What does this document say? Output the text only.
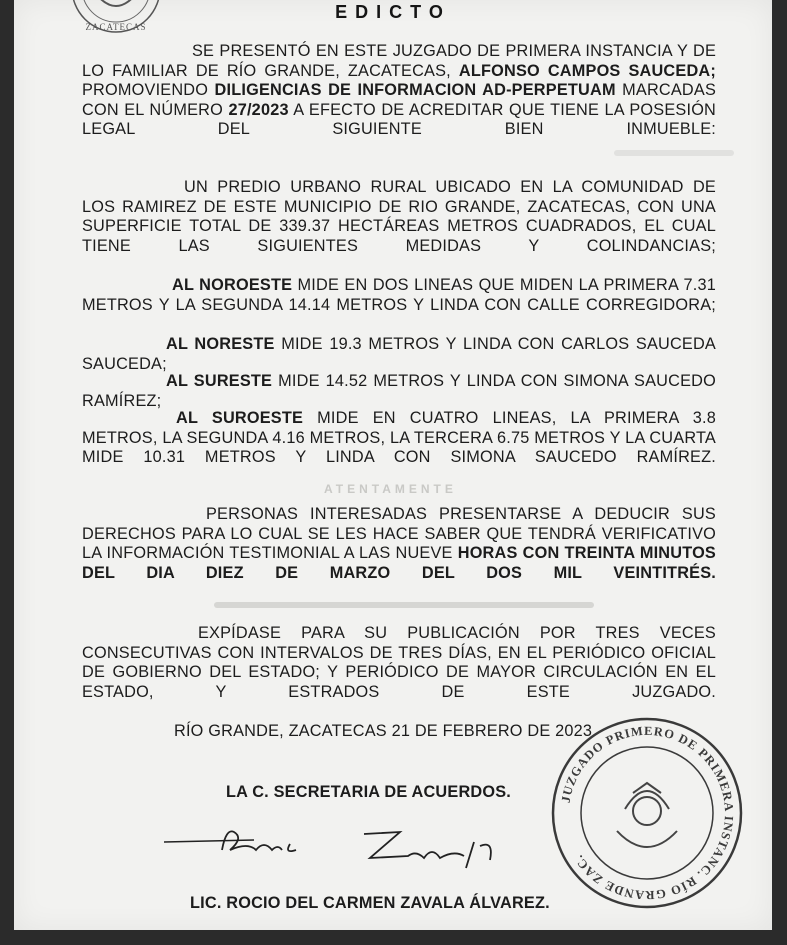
ZACATECAS
EDICTO
ATENTAMENTE
SE PRESENTÓ EN ESTE JUZGADO DE PRIMERA INSTANCIA Y DE LO FAMILIAR DE RÍO GRANDE, ZACATECAS, ALFONSO CAMPOS SAUCEDA; PROMOVIENDO DILIGENCIAS DE INFORMACION AD-PERPETUAM MARCADAS CON EL NÚMERO 27/2023 A EFECTO DE ACREDITAR QUE TIENE LA POSESIÓN LEGAL DEL SIGUIENTE BIEN INMUEBLE:
UN PREDIO URBANO RURAL UBICADO EN LA COMUNIDAD DE LOS RAMIREZ DE ESTE MUNICIPIO DE RIO GRANDE, ZACATECAS, CON UNA SUPERFICIE TOTAL DE 339.37 HECTÁREAS METROS CUADRADOS, EL CUAL TIENE LAS SIGUIENTES MEDIDAS Y COLINDANCIAS;
AL NOROESTE MIDE EN DOS LINEAS QUE MIDEN LA PRIMERA 7.31 METROS Y LA SEGUNDA 14.14 METROS Y LINDA CON CALLE CORREGIDORA;
AL NORESTE MIDE 19.3 METROS Y LINDA CON CARLOS SAUCEDA SAUCEDA;
AL SURESTE MIDE 14.52 METROS Y LINDA CON SIMONA SAUCEDO RAMÍREZ;
AL SUROESTE MIDE EN CUATRO LINEAS, LA PRIMERA 3.8 METROS, LA SEGUNDA 4.16 METROS, LA TERCERA 6.75 METROS Y LA CUARTA MIDE 10.31 METROS Y LINDA CON SIMONA SAUCEDO RAMÍREZ.
PERSONAS INTERESADAS PRESENTARSE A DEDUCIR SUS DERECHOS PARA LO CUAL SE LES HACE SABER QUE TENDRÁ VERIFICATIVO LA INFORMACIÓN TESTIMONIAL A LAS NUEVE HORAS CON TREINTA MINUTOS DEL DIA DIEZ DE MARZO DEL DOS MIL VEINTITRÉS.
EXPÍDASE PARA SU PUBLICACIÓN POR TRES VECES CONSECUTIVAS CON INTERVALOS DE TRES DÍAS, EN EL PERIÓDICO OFICIAL DE GOBIERNO DEL ESTADO; Y PERIÓDICO DE MAYOR CIRCULACIÓN EN EL ESTADO, Y ESTRADOS DE ESTE JUZGADO.
RÍO GRANDE, ZACATECAS 21 DE FEBRERO DE 2023.
LA C. SECRETARIA DE ACUERDOS.
LIC. ROCIO DEL CARMEN ZAVALA ÁLVAREZ.
JUZGADO PRIMERO DE PRIMERA INSTANC. RÍO GRANDE ZAC.
